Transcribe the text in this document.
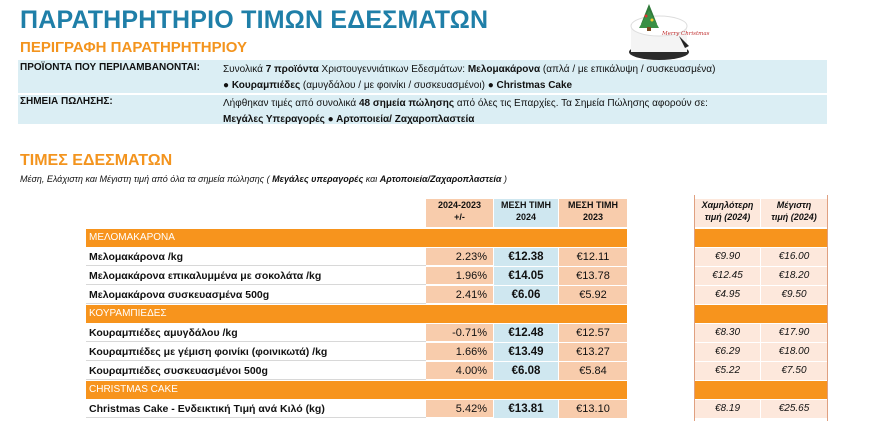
ΠΑΡΑΤΗΡΗΤΗΡΙΟ ΤΙΜΩΝ ΕΔΕΣΜΑΤΩΝ
ΠΕΡΙΓΡΑΦΗ ΠΑΡΑΤΗΡΗΤΗΡΙΟΥ
Merry Christmas
ΠΡΟΪΟΝΤΑ ΠΟΥ ΠΕΡΙΛΑΜΒΑΝΟΝΤΑΙ: Συνολικά 7 προϊόντα Χριστουγεννιάτικων Εδεσμάτων: Μελομακάρονα (απλά / με επικάλυψη / συσκευασμένα)
● Κουραμπιέδες (αμυγδάλου / με φοινίκι / συσκευασμένοι) ● Christmas Cake
ΣΗΜΕΙΑ ΠΩΛΗΣΗΣ:	Λήφθηκαν τιμές από συνολικά 48 σημεία πώλησης από όλες τις Επαρχίες. Τα Σημεία Πώλησης αφορούν σε:
Μεγάλες Υπεραγορές ● Αρτοποιεία/ Ζαχαροπλαστεία
ΤΙΜΕΣ ΕΔΕΣΜΑΤΩΝ
Μέση, Ελάχιστη και Μέγιστη τιμή από όλα τα σημεία πώλησης ( Μεγάλες υπεραγορές και Αρτοποιεία/Ζαχαροπλαστεία )
2024-2023
+/-
ΜΕΣΗ ΤΙΜΗ
2024
ΜΕΣΗ ΤΙΜΗ
2023
Χαμηλότερη
τιμή (2024)
Μέγιστη
τιμή (2024)
ΜΕΛΟΜΑΚΑΡΟΝΑ
ΚΟΥΡΑΜΠΙΕΔΕΣ
CHRISTMAS CAKE
Μελομακάρονα /kg	2.23%	€12.38	€12.11	€9.90	€16.00
Μελομακάρονα επικαλυμμένα με σοκολάτα /kg	1.96%	€14.05	€13.78	€12.45	€18.20
Μελομακάρονα συσκευασμένα 500g	2.41%	€6.06	€5.92	€4.95	€9.50
Κουραμπιέδες αμυγδάλου /kg	-0.71%	€12.48	€12.57	€8.30	€17.90
Κουραμπιέδες με γέμιση φοινίκι (φοινικωτά) /kg	1.66%	€13.49	€13.27	€6.29	€18.00
Κουραμπιέδες συσκευασμένοι 500g	4.00%	€6.08	€5.84	€5.22	€7.50
Christmas Cake - Ενδεικτική Τιμή ανά Κιλό (kg)	5.42%	€13.81	€13.10	€8.19	€25.65
